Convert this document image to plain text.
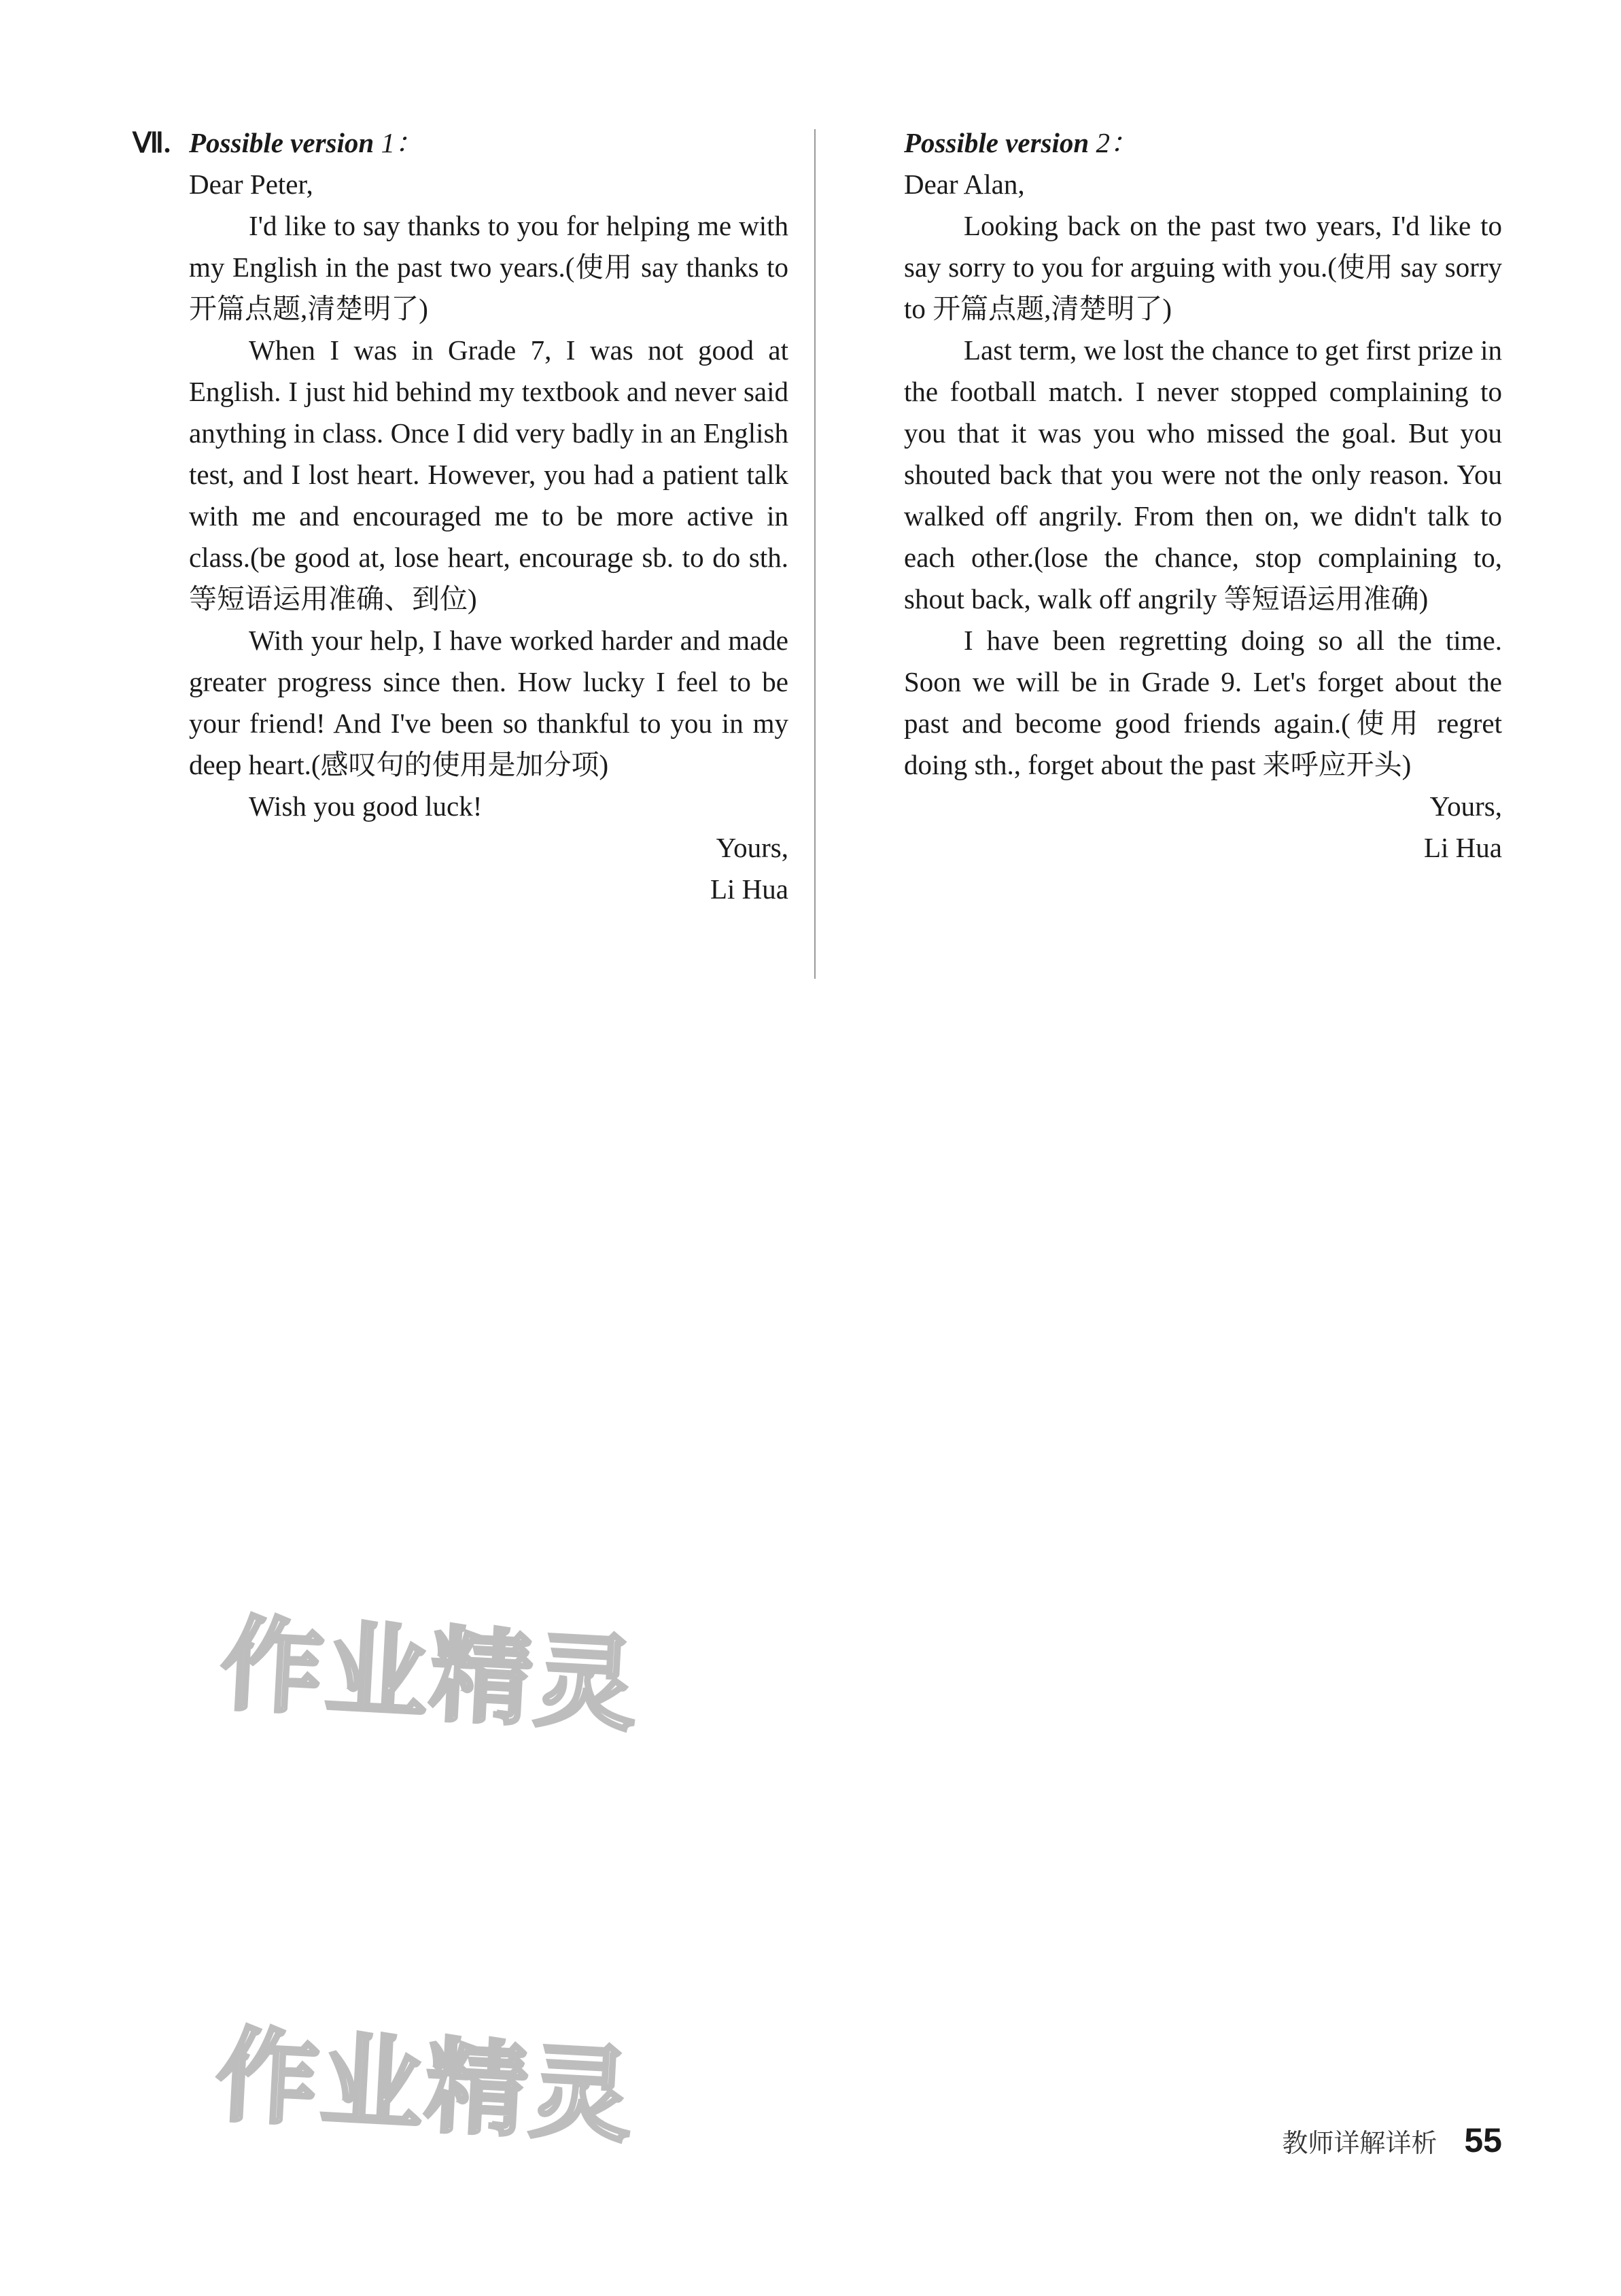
Ⅶ. Possible version 1：
Dear Peter,

I'd like to say thanks to you for helping me with my English in the past two years.(使用 say thanks to 开篇点题,清楚明了)

When I was in Grade 7, I was not good at English. I just hid behind my textbook and never said anything in class. Once I did very badly in an English test, and I lost heart. However, you had a patient talk with me and encouraged me to be more active in class.(be good at, lose heart, encourage sb. to do sth. 等短语运用准确、到位)

With your help, I have worked harder and made greater progress since then. How lucky I feel to be your friend! And I've been so thankful to you in my deep heart.(感叹句的使用是加分项)

Wish you good luck!

Yours,
Li Hua
Possible version 2：
Dear Alan,

Looking back on the past two years, I'd like to say sorry to you for arguing with you.(使用 say sorry to 开篇点题,清楚明了)

Last term, we lost the chance to get first prize in the football match. I never stopped complaining to you that it was you who missed the goal. But you shouted back that you were not the only reason. You walked off angrily. From then on, we didn't talk to each other.(lose the chance, stop complaining to, shout back, walk off angrily 等短语运用准确)

I have been regretting doing so all the time. Soon we will be in Grade 9. Let's forget about the past and become good friends again.(使用 regret doing sth., forget about the past 来呼应开头)

Yours,
Li Hua
作业精灵
作业精灵	教师详解详析 55
